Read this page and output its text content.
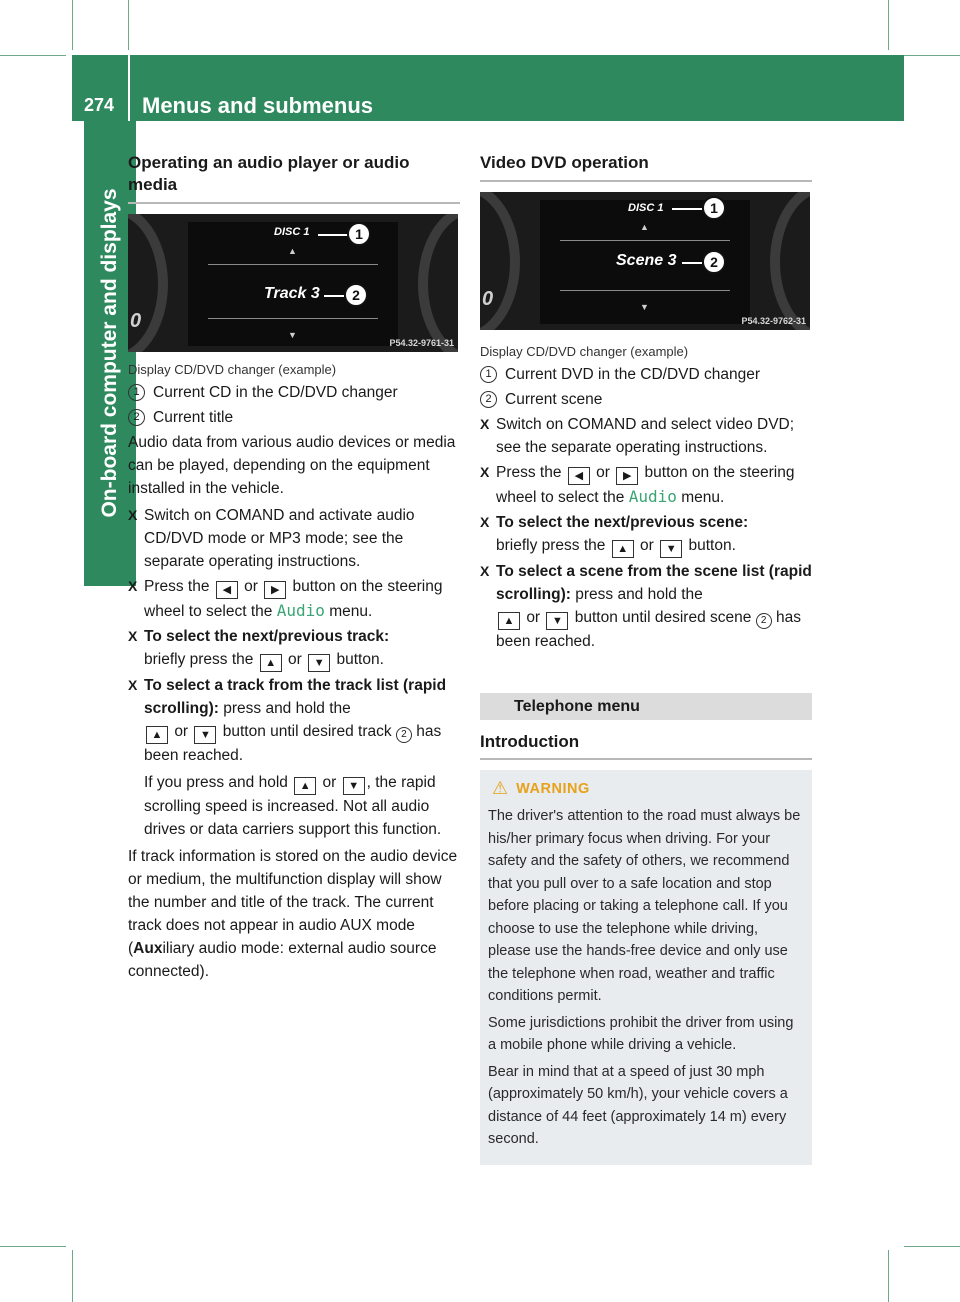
274 Menus and submenus
On-board computer and displays
Operating an audio player or audio media
0
DISC 1	1
▲
Track 3	2
▼
P54.32-9761-31
Display CD/DVD changer (example)
1 Current CD in the CD/DVD changer
2 Current title

Audio data from various audio devices or media can be played, depending on the equipment installed in the vehicle.

X Switch on COMAND and activate audio CD/DVD mode or MP3 mode; see the separate operating instructions.
X Press the ◀ or ▶ button on the steering wheel to select the Audio menu.
X To select the next/previous track:
briefly press the ▲ or ▼ button.
X To select a track from the track list (rapid scrolling): press and hold the
▲ or ▼ button until desired track 2 has been reached.
If you press and hold ▲ or ▼ , the rapid scrolling speed is increased. Not all audio drives or data carriers support this function.

If track information is stored on the audio device or medium, the multifunction display will show the number and title of the track. The current track does not appear in audio AUX mode (Auxiliary audio mode: external audio source connected).

Video DVD operation
0
DISC 1	1
▲
Scene 3	2
▼
P54.32-9762-31
Display CD/DVD changer (example)
1 Current DVD in the CD/DVD changer
2 Current scene
X Switch on COMAND and select video DVD; see the separate operating instructions.
X Press the ◀ or ▶ button on the steering wheel to select the Audio menu.
X To select the next/previous scene:
briefly press the ▲ or ▼ button.
X To select a scene from the scene list (rapid scrolling): press and hold the
▲ or ▼ button until desired scene 2 has been reached.
Telephone menu
Introduction
⚠ WARNING

The driver's attention to the road must always be his/her primary focus when driving. For your safety and the safety of others, we recommend that you pull over to a safe location and stop before placing or taking a telephone call. If you choose to use the telephone while driving, please use the hands-free device and only use the telephone when road, weather and traffic conditions permit.

Some jurisdictions prohibit the driver from using a mobile phone while driving a vehicle.

Bear in mind that at a speed of just 30 mph (approximately 50 km/h), your vehicle covers a distance of 44 feet (approximately 14 m) every second.
